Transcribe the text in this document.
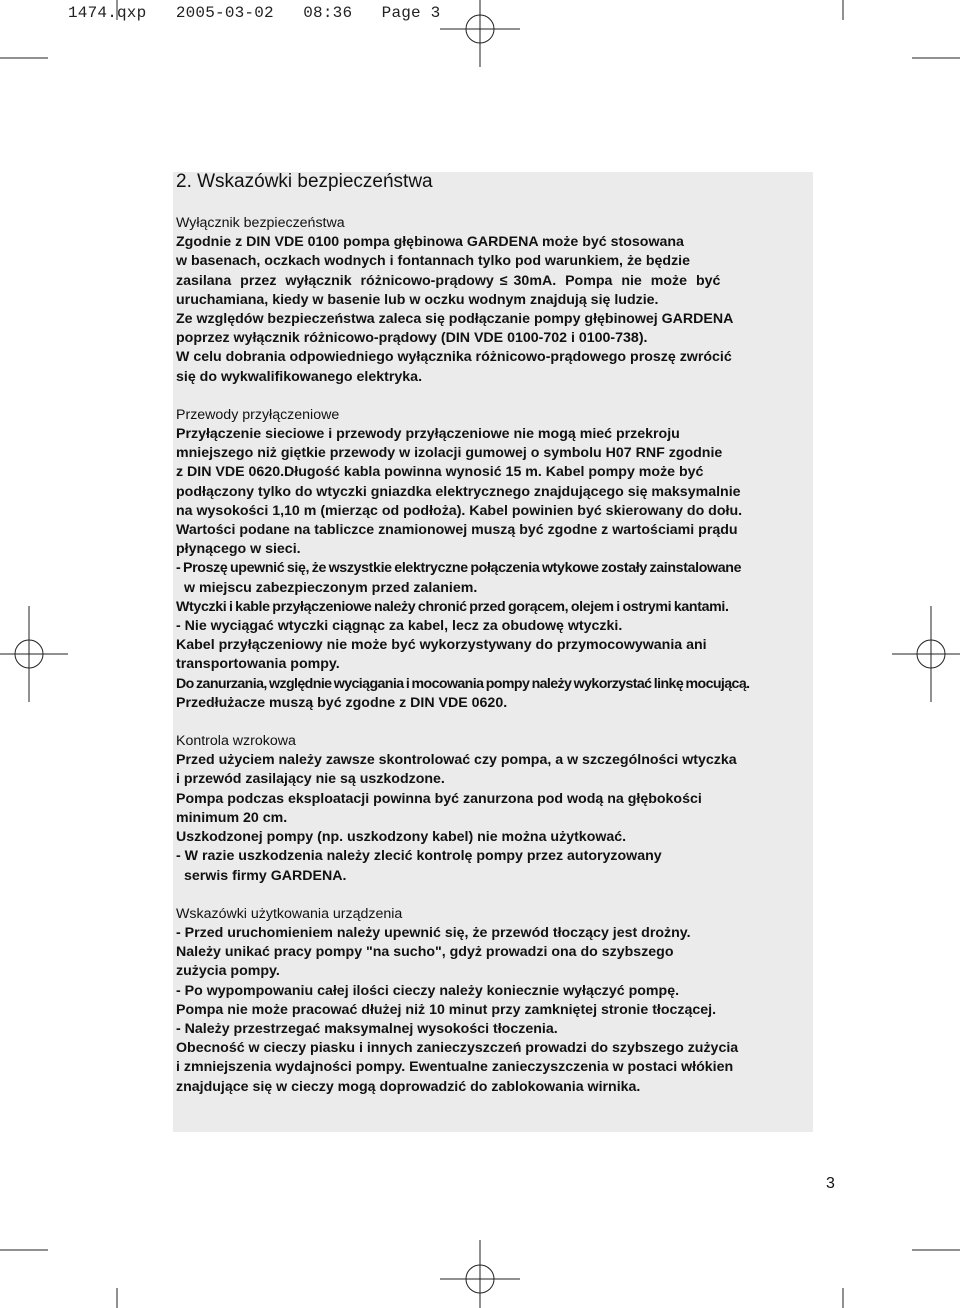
1474.qxp   2005-03-02   08:36   Page 3
2. Wskazówki bezpieczeństwa
Wyłącznik bezpieczeństwa
Zgodnie z DIN VDE 0100 pompa głębinowa GARDENA może być stosowana
w basenach, oczkach wodnych i fontannach tylko pod warunkiem, że będzie
zasilana przez wyłącznik różnicowo-prądowy ≤ 30mA. Pompa nie może być
uruchamiana, kiedy w basenie lub w oczku wodnym znajdują się ludzie.
Ze względów bezpieczeństwa zaleca się podłączanie pompy głębinowej GARDENA
poprzez wyłącznik różnicowo-prądowy (DIN VDE 0100-702 i 0100-738).
W celu dobrania odpowiedniego wyłącznika różnicowo-prądowego proszę zwrócić
się do wykwalifikowanego elektryka.
Przewody przyłączeniowe
Przyłączenie sieciowe i przewody przyłączeniowe nie mogą mieć przekroju
mniejszego niż giętkie przewody w izolacji gumowej o symbolu H07 RNF zgodnie
z DIN VDE 0620.Długość kabla powinna wynosić 15 m. Kabel pompy może być
podłączony tylko do wtyczki gniazdka elektrycznego znajdującego się maksymalnie
na wysokości 1,10 m (mierząc od podłoża). Kabel powinien być skierowany do dołu.
Wartości podane na tabliczce znamionowej muszą być zgodne z wartościami prądu
płynącego w sieci.
- Proszę upewnić się, że wszystkie elektryczne połączenia wtykowe zostały zainstalowane
w miejscu zabezpieczonym przed zalaniem.
Wtyczki i kable przyłączeniowe należy chronić przed gorącem, olejem i ostrymi kantami.
- Nie wyciągać wtyczki ciągnąc za kabel, lecz za obudowę wtyczki.
Kabel przyłączeniowy nie może być wykorzystywany do przymocowywania ani
transportowania pompy.
Do zanurzania, względnie wyciągania i mocowania pompy należy wykorzystać linkę mocującą.
Przedłużacze muszą być zgodne z DIN VDE 0620.
Kontrola wzrokowa
Przed użyciem należy zawsze skontrolować czy pompa, a w szczególności wtyczka
i przewód zasilający nie są uszkodzone.
Pompa podczas eksploatacji powinna być zanurzona pod wodą na głębokości
minimum 20 cm.
Uszkodzonej pompy (np. uszkodzony kabel) nie można użytkować.
- W razie uszkodzenia należy zlecić kontrolę pompy przez autoryzowany
serwis firmy GARDENA.
Wskazówki użytkowania urządzenia
- Przed uruchomieniem należy upewnić się, że przewód tłoczący jest drożny.
Należy unikać pracy pompy "na sucho", gdyż prowadzi ona do szybszego
zużycia pompy.
- Po wypompowaniu całej ilości cieczy należy koniecznie wyłączyć pompę.
Pompa nie może pracować dłużej niż 10 minut przy zamkniętej stronie tłoczącej.
- Należy przestrzegać maksymalnej wysokości tłoczenia.
Obecność w cieczy piasku i innych zanieczyszczeń prowadzi do szybszego zużycia
i zmniejszenia wydajności pompy. Ewentualne zanieczyszczenia w postaci włókien
znajdujące się w cieczy mogą doprowadzić do zablokowania wirnika.
3
